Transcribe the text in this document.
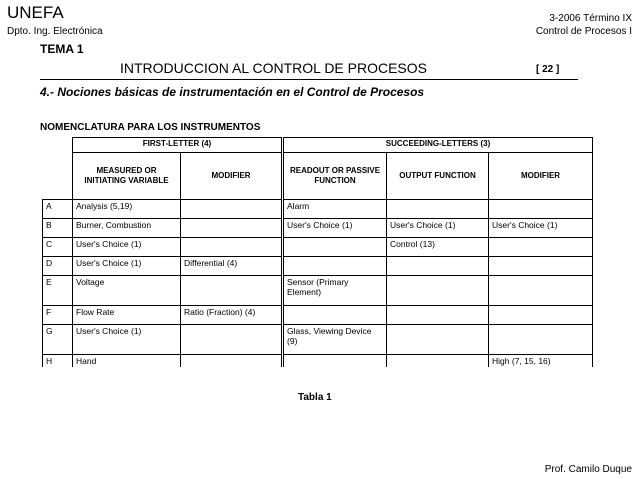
UNEFA
Dpto. Ing. Electrónica
3-2006 Término IX
Control de Procesos I
TEMA 1
INTRODUCCION AL CONTROL DE PROCESOS	[ 22 ]
4.- Nociones básicas de instrumentación en el Control de Procesos
NOMENCLATURA PARA LOS INSTRUMENTOS
	FIRST-LETTER (4)		SUCCEEDING-LETTERS (3)		
	MEASURED OR INITIATING VARIABLE	MODIFIER	READOUT OR PASSIVE FUNCTION	OUTPUT FUNCTION	MODIFIER
A	Analysis (5,19)		Alarm		
B	Burner, Combustion		User's Choice (1)	User's Choice (1)	User's Choice (1)
C	User's Choice (1)			Control (13)	
D	User's Choice (1)	Differential (4)			
E	Voltage		Sensor (Primary Element)		
F	Flow Rate	Ratio (Fraction) (4)			
G	User's Choice (1)		Glass, Viewing Device (9)		
H	Hand				High (7, 15, 16)
Tabla 1
Prof. Camilo Duque
